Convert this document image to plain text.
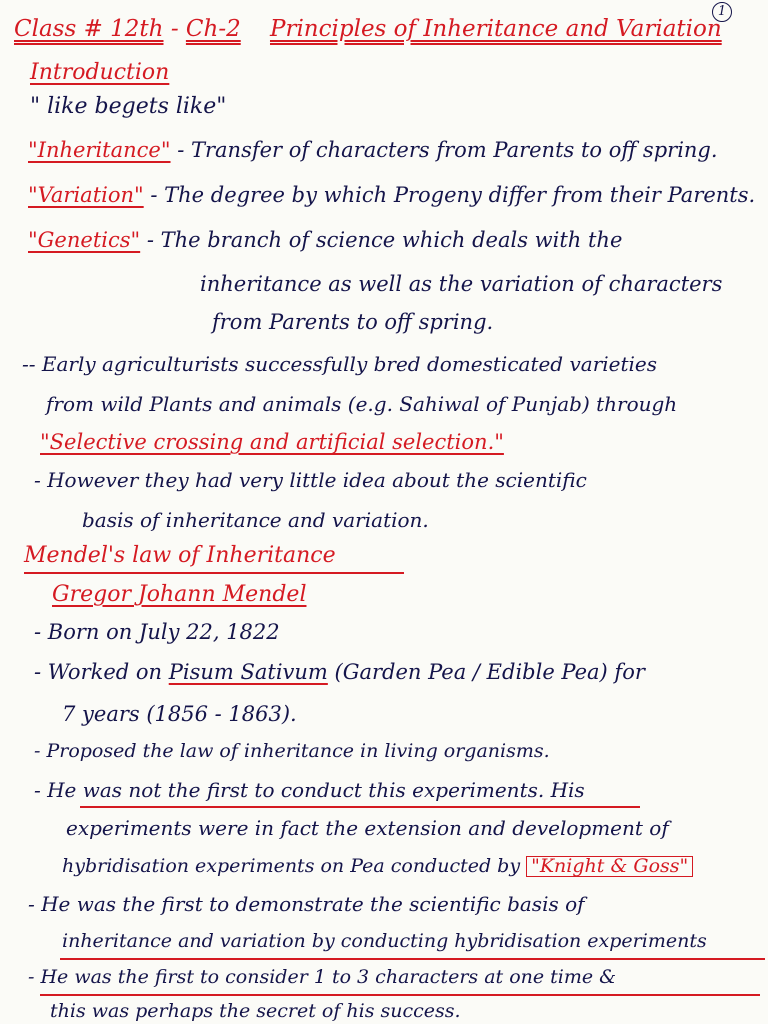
Class # 12th - Ch-2 Principles of Inheritance and Variation
1
Introduction
" like begets like"
"Inheritance" - Transfer of characters from Parents to off spring.
"Variation" - The degree by which Progeny differ from their Parents.
"Genetics" - The branch of science which deals with the
inheritance as well as the variation of characters
from Parents to off spring.
-- Early agriculturists successfully bred domesticated varieties
from wild Plants and animals (e.g. Sahiwal of Punjab) through
"Selective crossing and artificial selection."
- However they had very little idea about the scientific
basis of inheritance and variation.
Mendel's law of Inheritance
Gregor Johann Mendel
- Born on July 22, 1822
- Worked on Pisum Sativum (Garden Pea / Edible Pea) for
7 years (1856 - 1863).
- Proposed the law of inheritance in living organisms.
- He was not the first to conduct this experiments. His
experiments were in fact the extension and development of
hybridisation experiments on Pea conducted by "Knight & Goss"
- He was the first to demonstrate the scientific basis of
inheritance and variation by conducting hybridisation experiments
- He was the first to consider 1 to 3 characters at one time &
this was perhaps the secret of his success.
